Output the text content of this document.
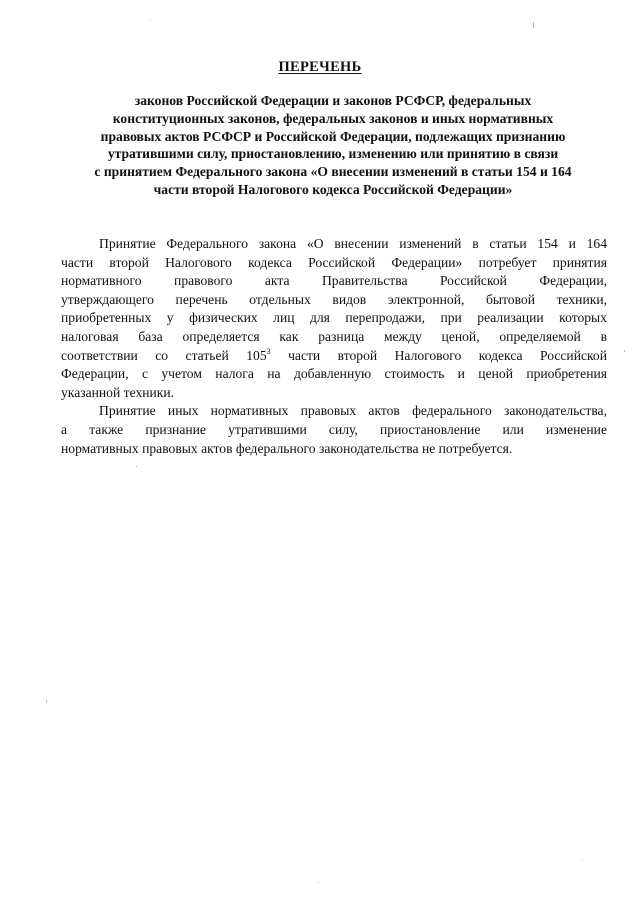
ПЕРЕЧЕНЬ
законов Российской Федерации и законов РСФСР, федеральных
конституционных законов, федеральных законов и иных нормативных
правовых актов РСФСР и Российской Федерации, подлежащих признанию
утратившими силу, приостановлению, изменению или принятию в связи
с принятием Федерального закона «О внесении изменений в статьи 154 и 164
части второй Налогового кодекса Российской Федерации»
Принятие Федерального закона «О внесении изменений в статьи 154 и 164
части второй Налогового кодекса Российской Федерации» потребует принятия
нормативного правового акта Правительства Российской Федерации,
утверждающего перечень отдельных видов электронной, бытовой техники,
приобретенных у физических лиц для перепродажи, при реализации которых
налоговая база определяется как разница между ценой, определяемой в
соответствии со статьей $105^3$ части второй Налогового кодекса Российской
Федерации, с учетом налога на добавленную стоимость и ценой приобретения
указанной техники.
Принятие иных нормативных правовых актов федерального законодательства,
а также признание утратившими силу, приостановление или изменение
нормативных правовых актов федерального законодательства не потребуется.
